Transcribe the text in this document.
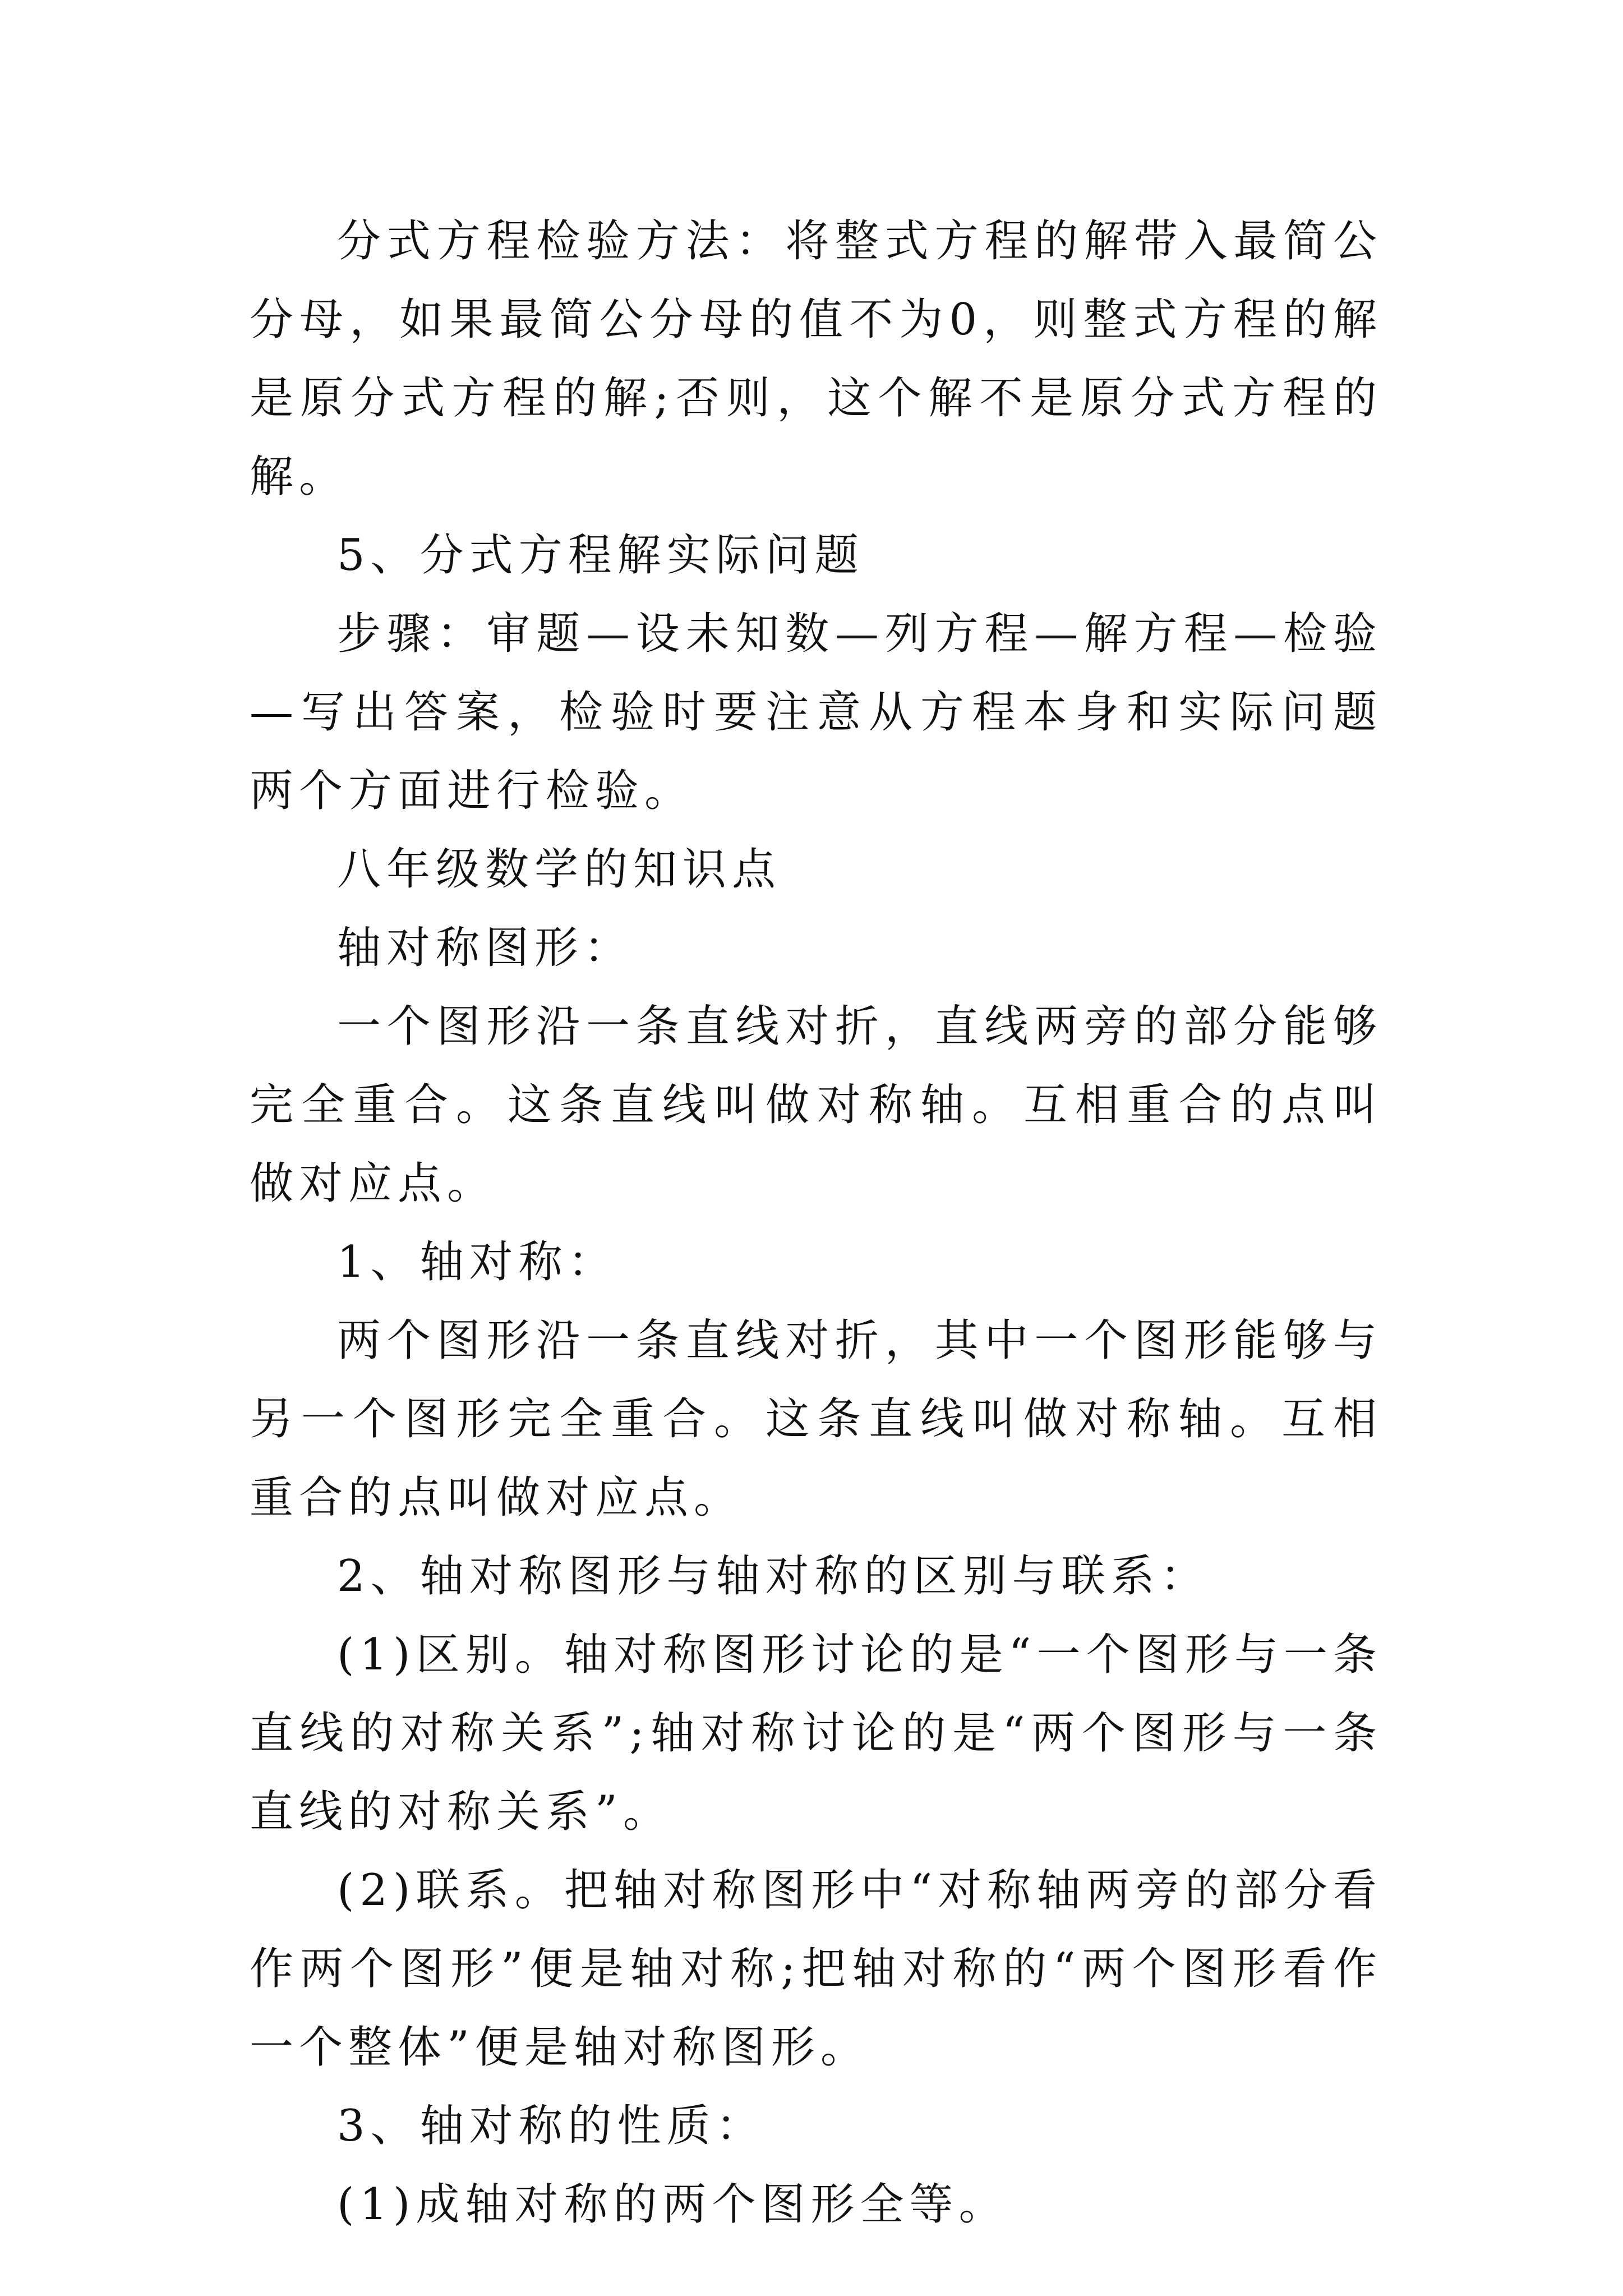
分式方程检验方法：将整式方程的解带入最简公分母，如果最简公分母的值不为0，则整式方程的解是原分式方程的解;否则，这个解不是原分式方程的解。

5、分式方程解实际问题

步骤：审题—设未知数—列方程—解方程—检验—写出答案，检验时要注意从方程本身和实际问题两个方面进行检验。

八年级数学的知识点

轴对称图形：

一个图形沿一条直线对折，直线两旁的部分能够完全重合。这条直线叫做对称轴。互相重合的点叫做对应点。

1、轴对称：

两个图形沿一条直线对折，其中一个图形能够与另一个图形完全重合。这条直线叫做对称轴。互相重合的点叫做对应点。

2、轴对称图形与轴对称的区别与联系：

(1)区别。轴对称图形讨论的是“一个图形与一条直线的对称关系”;轴对称讨论的是“两个图形与一条直线的对称关系”。

(2)联系。把轴对称图形中“对称轴两旁的部分看作两个图形”便是轴对称;把轴对称的“两个图形看作一个整体”便是轴对称图形。

3、轴对称的性质：

(1)成轴对称的两个图形全等。
